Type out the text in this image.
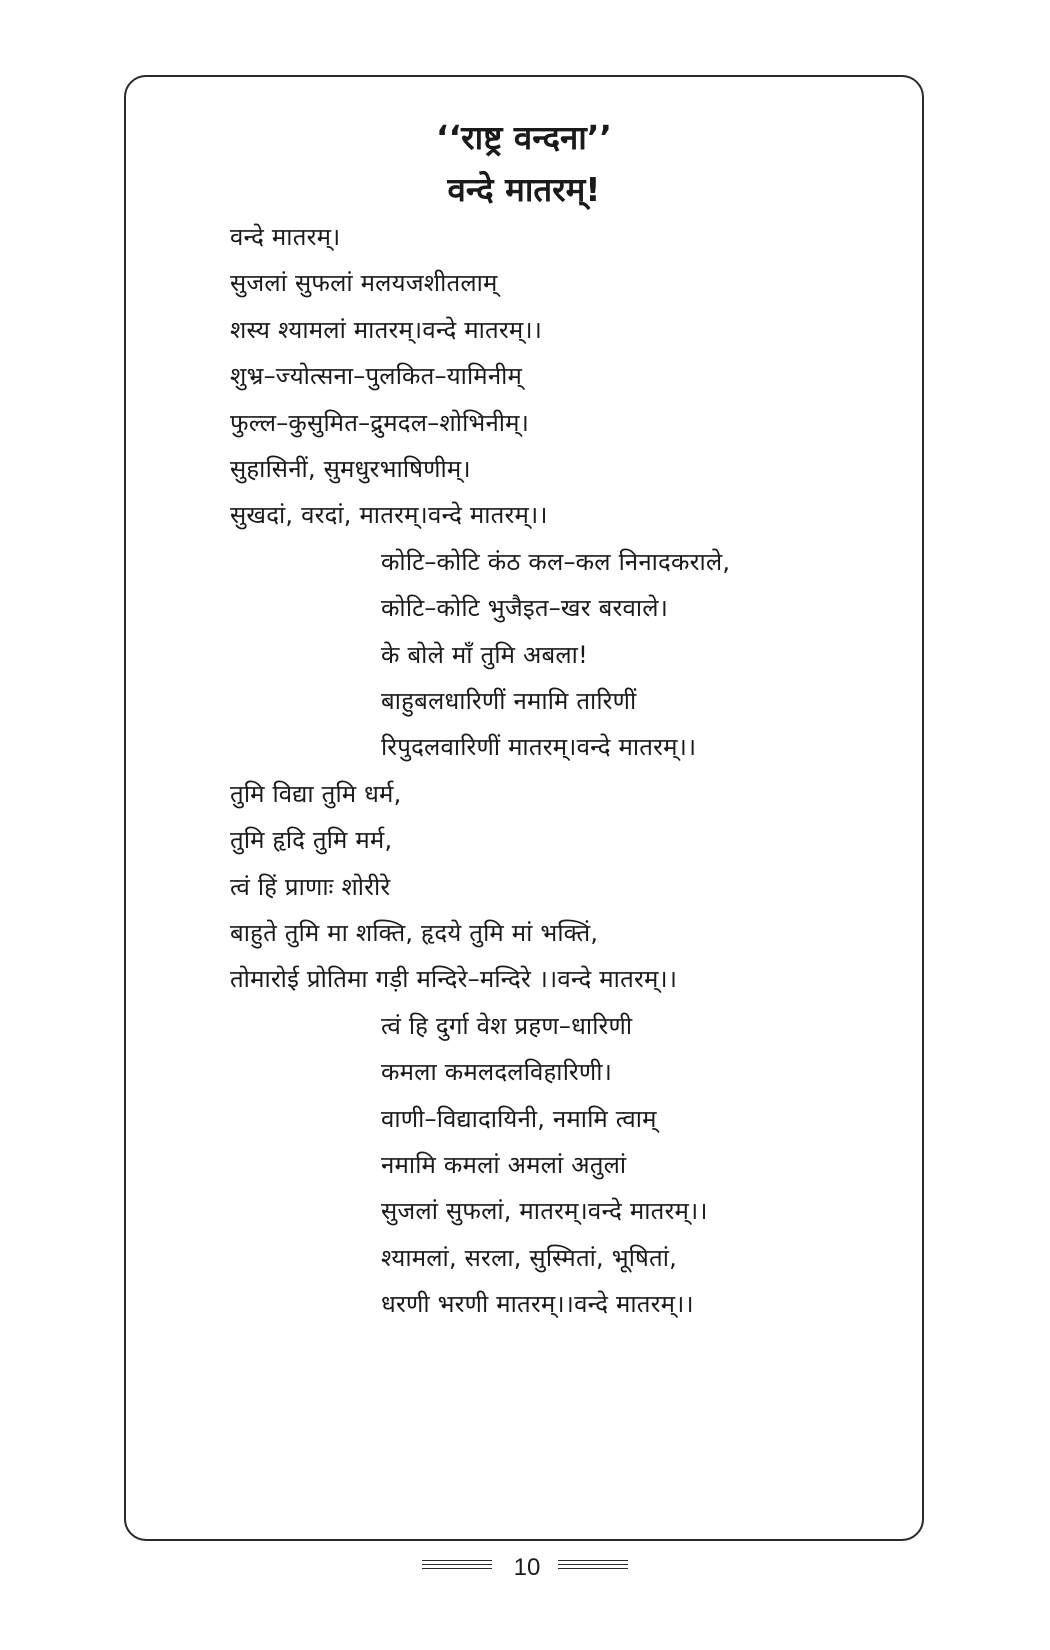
‘‘राष्ट्र वन्दना’’
वन्दे मातरम्!
वन्दे मातरम्।
सुजलां सुफलां मलयजशीतलाम्
शस्य श्यामलां मातरम्।वन्दे मातरम्।।
शुभ्र–ज्योत्सना–पुलकित–यामिनीम्
फुल्ल–कुसुमित–द्रुमदल–शोभिनीम्।
सुहासिनीं, सुमधुरभाषिणीम्।
सुखदां, वरदां, मातरम्।वन्दे मातरम्।।
कोटि–कोटि कंठ कल–कल निनादकराले,
कोटि–कोटि भुजैइत–खर बरवाले।
के बोले माँ तुमि अबला!
बाहुबलधारिणीं नमामि तारिणीं
रिपुदलवारिणीं मातरम्।वन्दे मातरम्।।
तुमि विद्या तुमि धर्म,
तुमि हृदि तुमि मर्म,
त्वं हिं प्राणाः शोरीरे
बाहुते तुमि मा शक्ति, हृदये तुमि मां भक्तिं,
तोमारोई प्रोतिमा गड़ी मन्दिरे–मन्दिरे ।।वन्दे मातरम्।।
त्वं हि दुर्गा वेश प्रहण–धारिणी
कमला कमलदलविहारिणी।
वाणी–विद्यादायिनी, नमामि त्वाम्
नमामि कमलां अमलां अतुलां
सुजलां सुफलां, मातरम्।वन्दे मातरम्।।
श्यामलां, सरला, सुस्मितां, भूषितां,
धरणी भरणी मातरम्।।वन्दे मातरम्।।
10
